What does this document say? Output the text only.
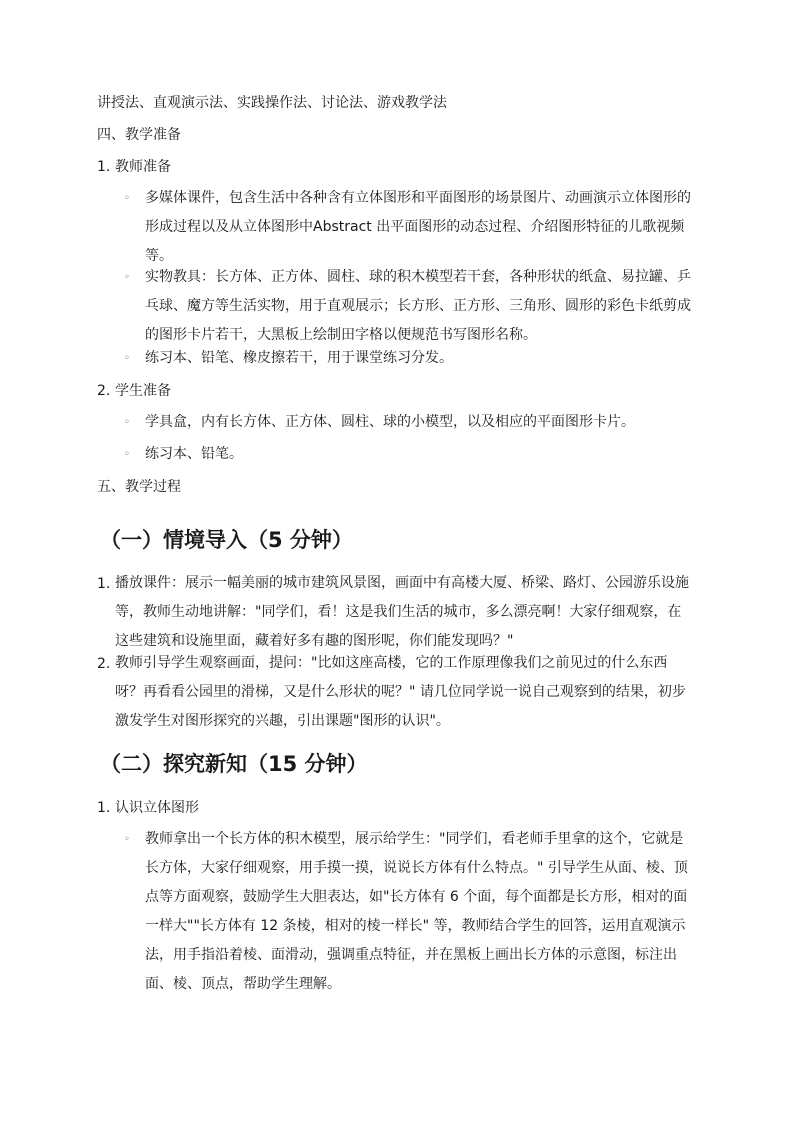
讲授法、直观演示法、实践操作法、讨论法、游戏教学法
四、教学准备
1. 教师准备
◦ 多媒体课件，包含生活中各种含有立体图形和平面图形的场景图片、动画演示立体图形的形成过程以及从立体图形中Abstract 出平面图形的动态过程、介绍图形特征的儿歌视频等。
◦ 实物教具：长方体、正方体、圆柱、球的积木模型若干套，各种形状的纸盒、易拉罐、乒乓球、魔方等生活实物，用于直观展示；长方形、正方形、三角形、圆形的彩色卡纸剪成的图形卡片若干，大黑板上绘制田字格以便规范书写图形名称。
◦ 练习本、铅笔、橡皮擦若干，用于课堂练习分发。
2. 学生准备
◦ 学具盒，内有长方体、正方体、圆柱、球的小模型，以及相应的平面图形卡片。
◦ 练习本、铅笔。
五、教学过程
（一）情境导入（5 分钟）
1. 播放课件：展示一幅美丽的城市建筑风景图，画面中有高楼大厦、桥梁、路灯、公园游乐设施等，教师生动地讲解："同学们，看！这是我们生活的城市，多么漂亮啊！大家仔细观察，在这些建筑和设施里面，藏着好多有趣的图形呢，你们能发现吗？"
2. 教师引导学生观察画面，提问："比如这座高楼，它的工作原理像我们之前见过的什么东西呀？再看看公园里的滑梯，又是什么形状的呢？" 请几位同学说一说自己观察到的结果，初步激发学生对图形探究的兴趣，引出课题"图形的认识"。
（二）探究新知（15 分钟）
1. 认识立体图形
◦ 教师拿出一个长方体的积木模型，展示给学生："同学们，看老师手里拿的这个，它就是长方体，大家仔细观察，用手摸一摸，说说长方体有什么特点。" 引导学生从面、棱、顶点等方面观察，鼓励学生大胆表达，如"长方体有 6 个面，每个面都是长方形，相对的面一样大""长方体有 12 条棱，相对的棱一样长" 等，教师结合学生的回答，运用直观演示法，用手指沿着棱、面滑动，强调重点特征，并在黑板上画出长方体的示意图，标注出面、棱、顶点，帮助学生理解。
